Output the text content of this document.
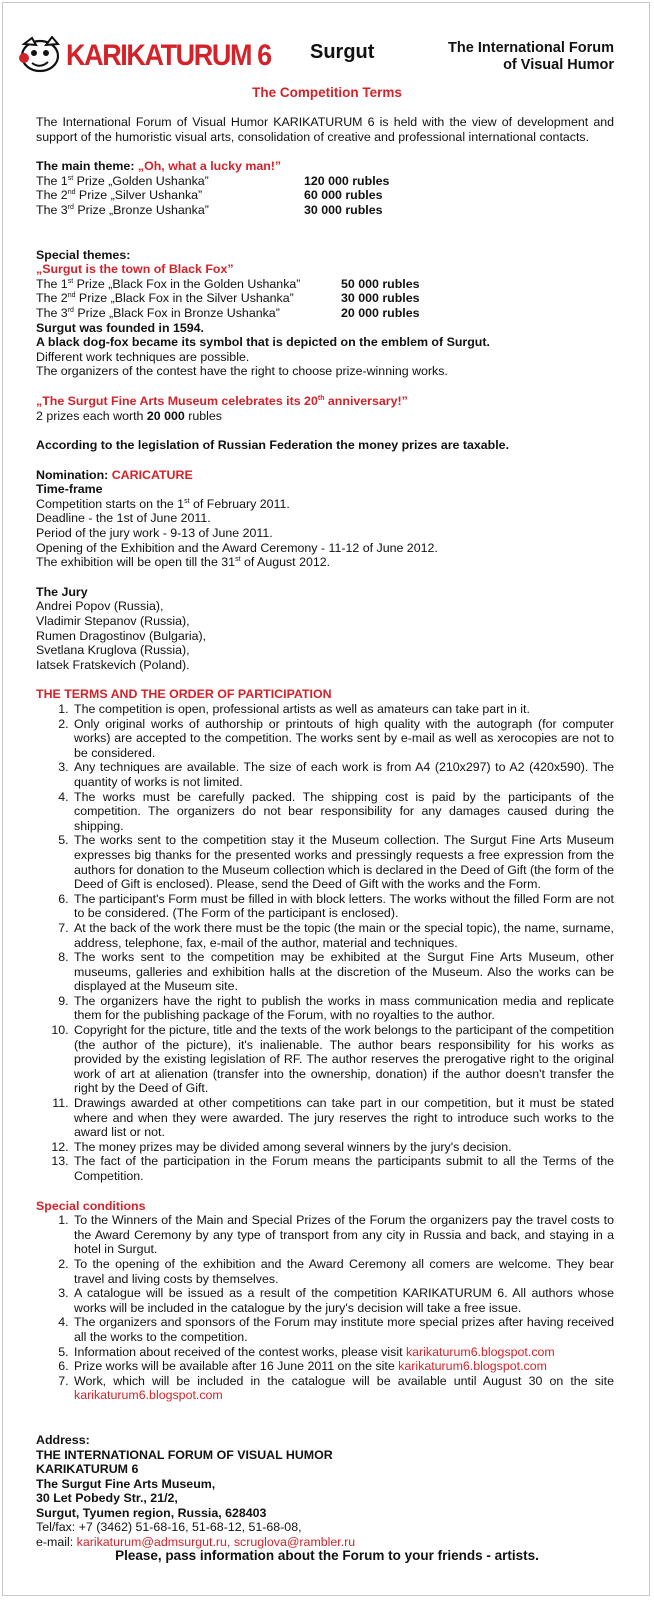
KARIKATURUM 6 Surgut	The International Forum
of Visual Humor
The Competition Terms

The International Forum of Visual Humor KARIKATURUM 6 is held with the view of development and support of the humoristic visual arts, consolidation of creative and professional international contacts.

The main theme: „Oh, what a lucky man!”

The 1st Prize „Golden Ushanka”	120 000 rubles
The 2nd Prize „Silver Ushanka”	60 000 rubles
The 3rd Prize „Bronze Ushanka”	30 000 rubles

Special themes:

„Surgut is the town of Black Fox”

The 1st Prize „Black Fox in the Golden Ushanka”	50 000 rubles
The 2nd Prize „Black Fox in the Silver Ushanka”	30 000 rubles
The 3rd Prize „Black Fox in Bronze Ushanka”	20 000 rubles

Surgut was founded in 1594.

A black dog-fox became its symbol that is depicted on the emblem of Surgut.

Different work techniques are possible.

The organizers of the contest have the right to choose prize-winning works.

„The Surgut Fine Arts Museum celebrates its 20th anniversary!”

2 prizes each worth 20 000 rubles

According to the legislation of Russian Federation the money prizes are taxable.

Nomination: CARICATURE

Time-frame

Competition starts on the 1st of February 2011.

Deadline - the 1st of June 2011.

Period of the jury work - 9-13 of June 2011.

Opening of the Exhibition and the Award Ceremony - 11-12 of June 2012.

The exhibition will be open till the 31st of August 2012.

The Jury

Andrei Popov (Russia),

Vladimir Stepanov (Russia),

Rumen Dragostinov (Bulgaria),

Svetlana Kruglova (Russia),

Iatsek Fratskevich (Poland).

THE TERMS AND THE ORDER OF PARTICIPATION

1. The competition is open, professional artists as well as amateurs can take part in it.
2. Only original works of authorship or printouts of high quality with the autograph (for computer works) are accepted to the competition. The works sent by e-mail as well as xerocopies are not to be considered.
3. Any techniques are available. The size of each work is from A4 (210x297) to A2 (420x590). The quantity of works is not limited.
4. The works must be carefully packed. The shipping cost is paid by the participants of the competition. The organizers do not bear responsibility for any damages caused during the shipping.
5. The works sent to the competition stay it the Museum collection. The Surgut Fine Arts Museum expresses big thanks for the presented works and pressingly requests a free expression from the authors for donation to the Museum collection which is declared in the Deed of Gift (the form of the Deed of Gift is enclosed). Please, send the Deed of Gift with the works and the Form.
6. The participant's Form must be filled in with block letters. The works without the filled Form are not to be considered. (The Form of the participant is enclosed).
7. At the back of the work there must be the topic (the main or the special topic), the name, surname, address, telephone, fax, e-mail of the author, material and techniques.
8. The works sent to the competition may be exhibited at the Surgut Fine Arts Museum, other museums, galleries and exhibition halls at the discretion of the Museum. Also the works can be displayed at the Museum site.
9. The organizers have the right to publish the works in mass communication media and replicate them for the publishing package of the Forum, with no royalties to the author.
10. Copyright for the picture, title and the texts of the work belongs to the participant of the competition (the author of the picture), it's inalienable. The author bears responsibility for his works as provided by the existing legislation of RF. The author reserves the prerogative right to the original work of art at alienation (transfer into the ownership, donation) if the author doesn't transfer the right by the Deed of Gift.
11. Drawings awarded at other competitions can take part in our competition, but it must be stated where and when they were awarded. The jury reserves the right to introduce such works to the award list or not.
12. The money prizes may be divided among several winners by the jury's decision.
13. The fact of the participation in the Forum means the participants submit to all the Terms of the Competition.

Special conditions

1. To the Winners of the Main and Special Prizes of the Forum the organizers pay the travel costs to the Award Ceremony by any type of transport from any city in Russia and back, and staying in a hotel in Surgut.
2. To the opening of the exhibition and the Award Ceremony all comers are welcome. They bear travel and living costs by themselves.
3. A catalogue will be issued as a result of the competition KARIKATURUM 6. All authors whose works will be included in the catalogue by the jury's decision will take a free issue.
4. The organizers and sponsors of the Forum may institute more special prizes after having received all the works to the competition.
5. Information about received of the contest works, please visit karikaturum6.blogspot.com
6. Prize works will be available after 16 June 2011 on the site karikaturum6.blogspot.com
7. Work, which will be included in the catalogue will be available until August 30 on the site karikaturum6.blogspot.com

Address:

THE INTERNATIONAL FORUM OF VISUAL HUMOR

KARIKATURUM 6

The Surgut Fine Arts Museum,

30 Let Pobedy Str., 21/2,

Surgut, Tyumen region, Russia, 628403

Tel/fax: +7 (3462) 51-68-16, 51-68-12, 51-68-08,

e-mail: karikaturum@admsurgut.ru, scruglova@rambler.ru

Please, pass information about the Forum to your friends - artists.
